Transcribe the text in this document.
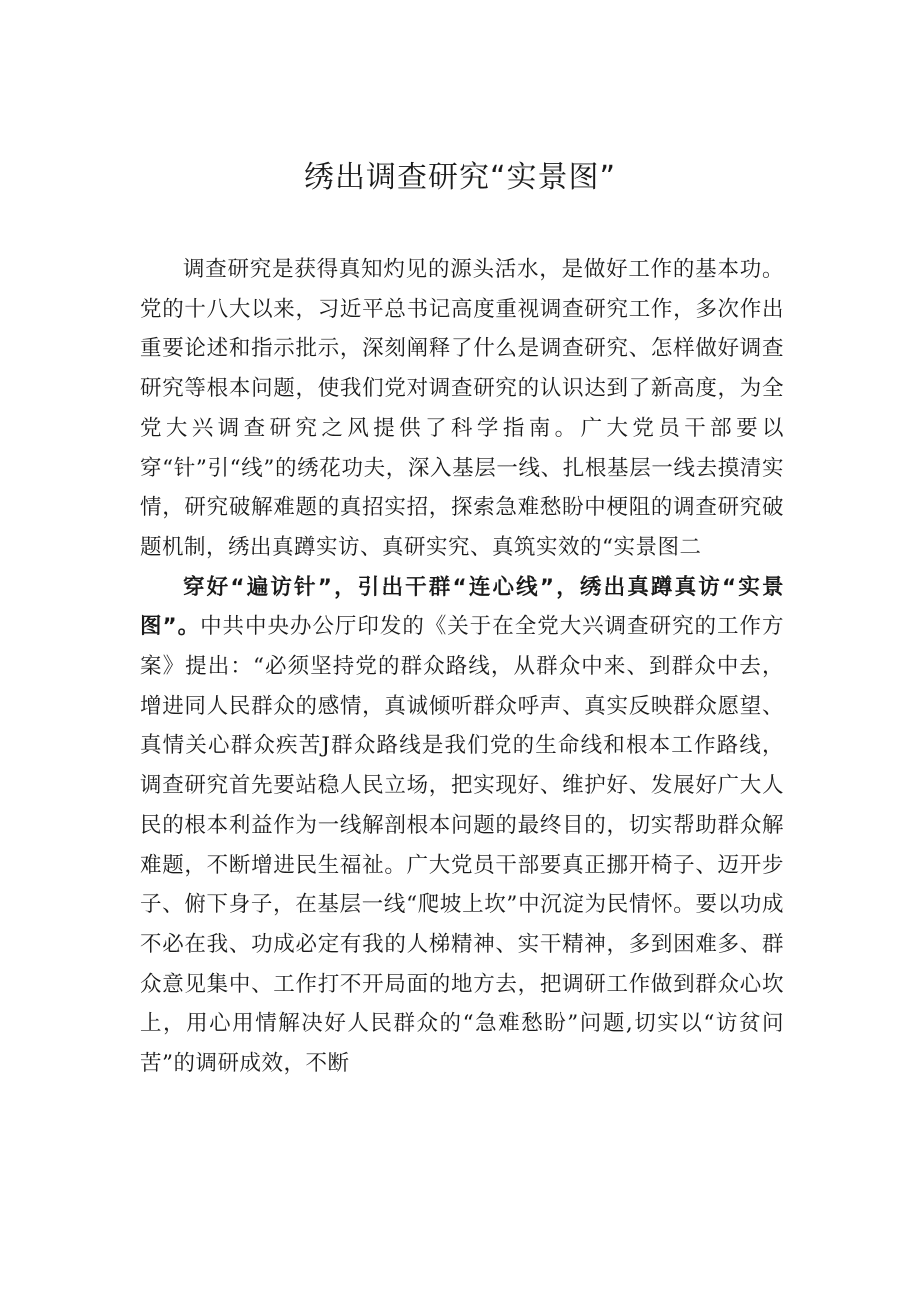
绣出调查研究“实景图”

调查研究是获得真知灼见的源头活水，是做好工作的基本功。党的十八大以来，习近平总书记高度重视调查研究工作，多次作出重要论述和指示批示，深刻阐释了什么是调查研究、怎样做好调查研究等根本问题，使我们党对调查研究的认识达到了新高度，为全党大兴调查研究之风提供了科学指南。广大党员干部要以穿“针”引“线”的绣花功夫，深入基层一线、扎根基层一线去摸清实情，研究破解难题的真招实招，探索急难愁盼中梗阻的调查研究破题机制，绣出真蹲实访、真研实究、真筑实效的“实景图二

穿好“遍访针”，引出干群“连心线”，绣出真蹲真访“实景图”。中共中央办公厅印发的《关于在全党大兴调查研究的工作方案》提出：“必须坚持党的群众路线，从群众中来、到群众中去，增进同人民群众的感情，真诚倾听群众呼声、真实反映群众愿望、真情关心群众疾苦J群众路线是我们党的生命线和根本工作路线，调查研究首先要站稳人民立场，把实现好、维护好、发展好广大人民的根本利益作为一线解剖根本问题的最终目的，切实帮助群众解难题，不断增进民生福祉。广大党员干部要真正挪开椅子、迈开步子、俯下身子，在基层一线“爬坡上坎”中沉淀为民情怀。要以功成不必在我、功成必定有我的人梯精神、实干精神，多到困难多、群众意见集中、工作打不开局面的地方去，把调研工作做到群众心坎上，用心用情解决好人民群众的“急难愁盼”问题,切实以“访贫问苦”的调研成效，不断
